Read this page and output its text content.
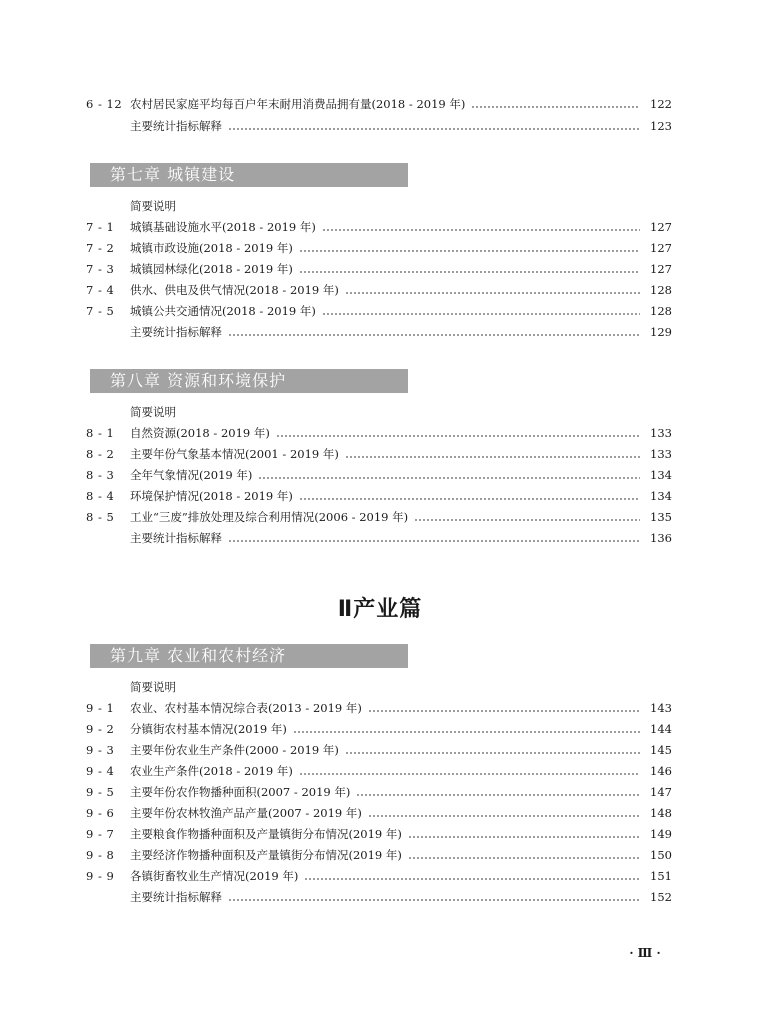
6 - 12 农村居民家庭平均每百户年末耐用消费品拥有量(2018 - 2019 年)	122
主要统计指标解释	123
第七章 城镇建设
简要说明
7 - 1	城镇基础设施水平(2018 - 2019 年)	127
7 - 2	城镇市政设施(2018 - 2019 年)	127
7 - 3	城镇园林绿化(2018 - 2019 年)	127
7 - 4	供水、供电及供气情况(2018 - 2019 年)	128
7 - 5	城镇公共交通情况(2018 - 2019 年)	128
主要统计指标解释	129
第八章 资源和环境保护
简要说明
8 - 1	自然资源(2018 - 2019 年)	133
8 - 2	主要年份气象基本情况(2001 - 2019 年)	133
8 - 3	全年气象情况(2019 年)	134
8 - 4	环境保护情况(2018 - 2019 年)	134
8 - 5	工业“三废”排放处理及综合利用情况(2006 - 2019 年)	135
主要统计指标解释	136
Ⅱ产业篇
第九章 农业和农村经济
简要说明
9 - 1	农业、农村基本情况综合表(2013 - 2019 年)	143
9 - 2	分镇街农村基本情况(2019 年)	144
9 - 3	主要年份农业生产条件(2000 - 2019 年)	145
9 - 4	农业生产条件(2018 - 2019 年)	146
9 - 5	主要年份农作物播种面积(2007 - 2019 年)	147
9 - 6	主要年份农林牧渔产品产量(2007 - 2019 年)	148
9 - 7	主要粮食作物播种面积及产量镇街分布情况(2019 年)	149
9 - 8	主要经济作物播种面积及产量镇街分布情况(2019 年)	150
9 - 9	各镇街畜牧业生产情况(2019 年)	151
主要统计指标解释	152
· Ⅲ ·
